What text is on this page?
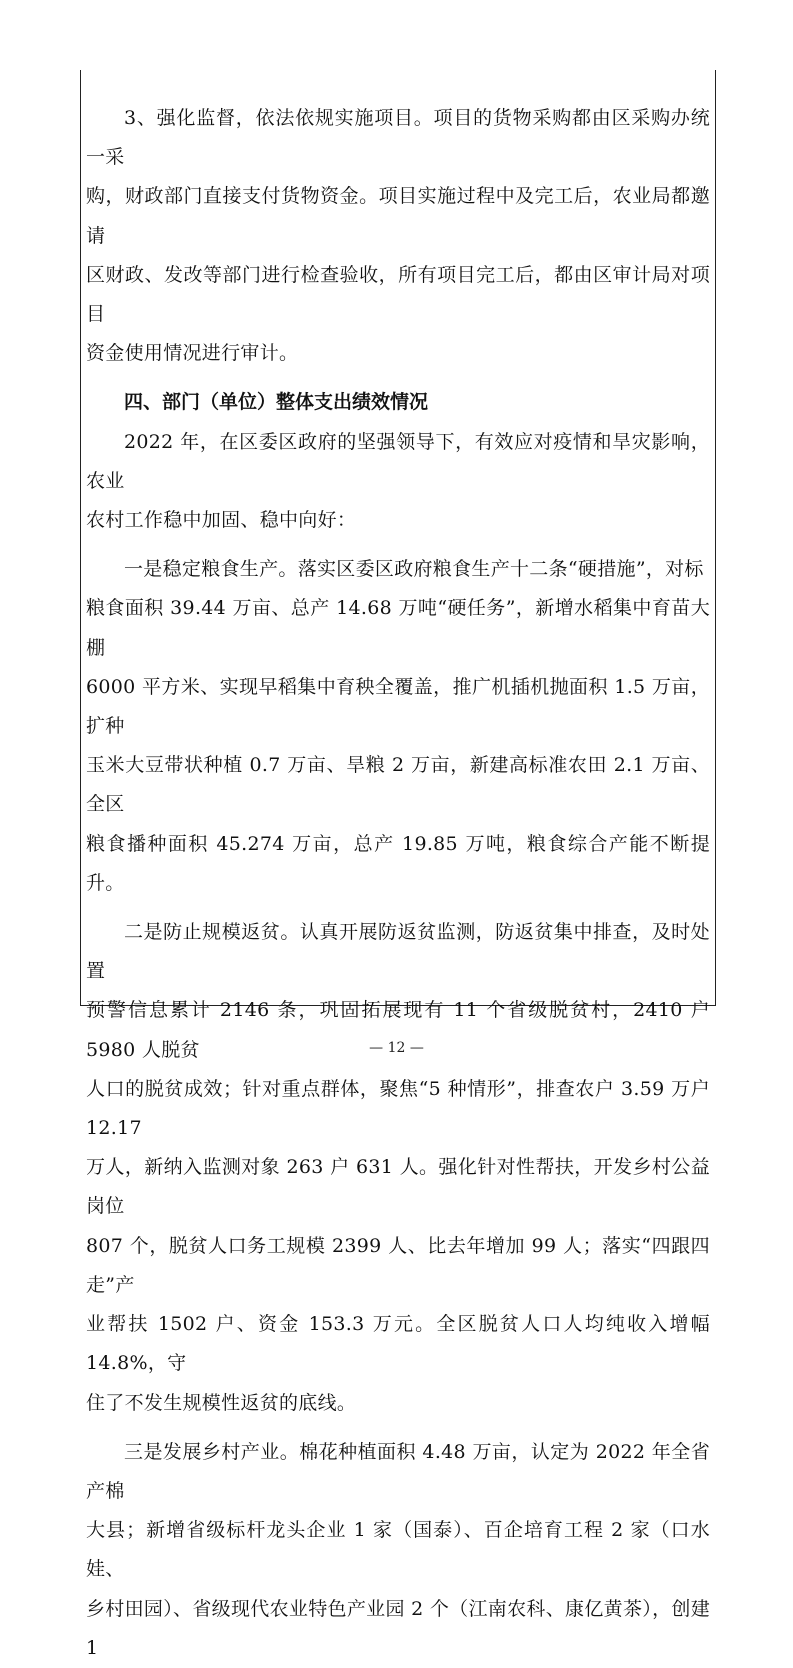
3、强化监督，依法依规实施项目。项目的货物采购都由区采购办统一采

购，财政部门直接支付货物资金。项目实施过程中及完工后，农业局都邀请

区财政、发改等部门进行检查验收，所有项目完工后，都由区审计局对项目

资金使用情况进行审计。

四、部门（单位）整体支出绩效情况

2022 年，在区委区政府的坚强领导下，有效应对疫情和旱灾影响，农业

农村工作稳中加固、稳中向好：

一是稳定粮食生产。落实区委区政府粮食生产十二条“硬措施”，对标

粮食面积 39.44 万亩、总产 14.68 万吨“硬任务”，新增水稻集中育苗大棚

6000 平方米、实现早稻集中育秧全覆盖，推广机插机抛面积 1.5 万亩，扩种

玉米大豆带状种植 0.7 万亩、旱粮 2 万亩，新建高标准农田 2.1 万亩、全区

粮食播种面积 45.274 万亩，总产 19.85 万吨，粮食综合产能不断提升。

二是防止规模返贫。认真开展防返贫监测，防返贫集中排查，及时处置

预警信息累计 2146 条，巩固拓展现有 11 个省级脱贫村，2410 户 5980 人脱贫

人口的脱贫成效；针对重点群体，聚焦“5 种情形”，排查农户 3.59 万户 12.17

万人，新纳入监测对象 263 户 631 人。强化针对性帮扶，开发乡村公益岗位

807 个，脱贫人口务工规模 2399 人、比去年增加 99 人；落实“四跟四走”产

业帮扶 1502 户、资金 153.3 万元。全区脱贫人口人均纯收入增幅 14.8%，守

住了不发生规模性返贫的底线。

三是发展乡村产业。棉花种植面积 4.48 万亩，认定为 2022 年全省产棉

大县；新增省级标杆龙头企业 1 家（国泰）、百企培育工程 2 家（口水娃、

乡村田园）、省级现代农业特色产业园 2 个（江南农科、康亿黄茶），创建 1

— 12 —
